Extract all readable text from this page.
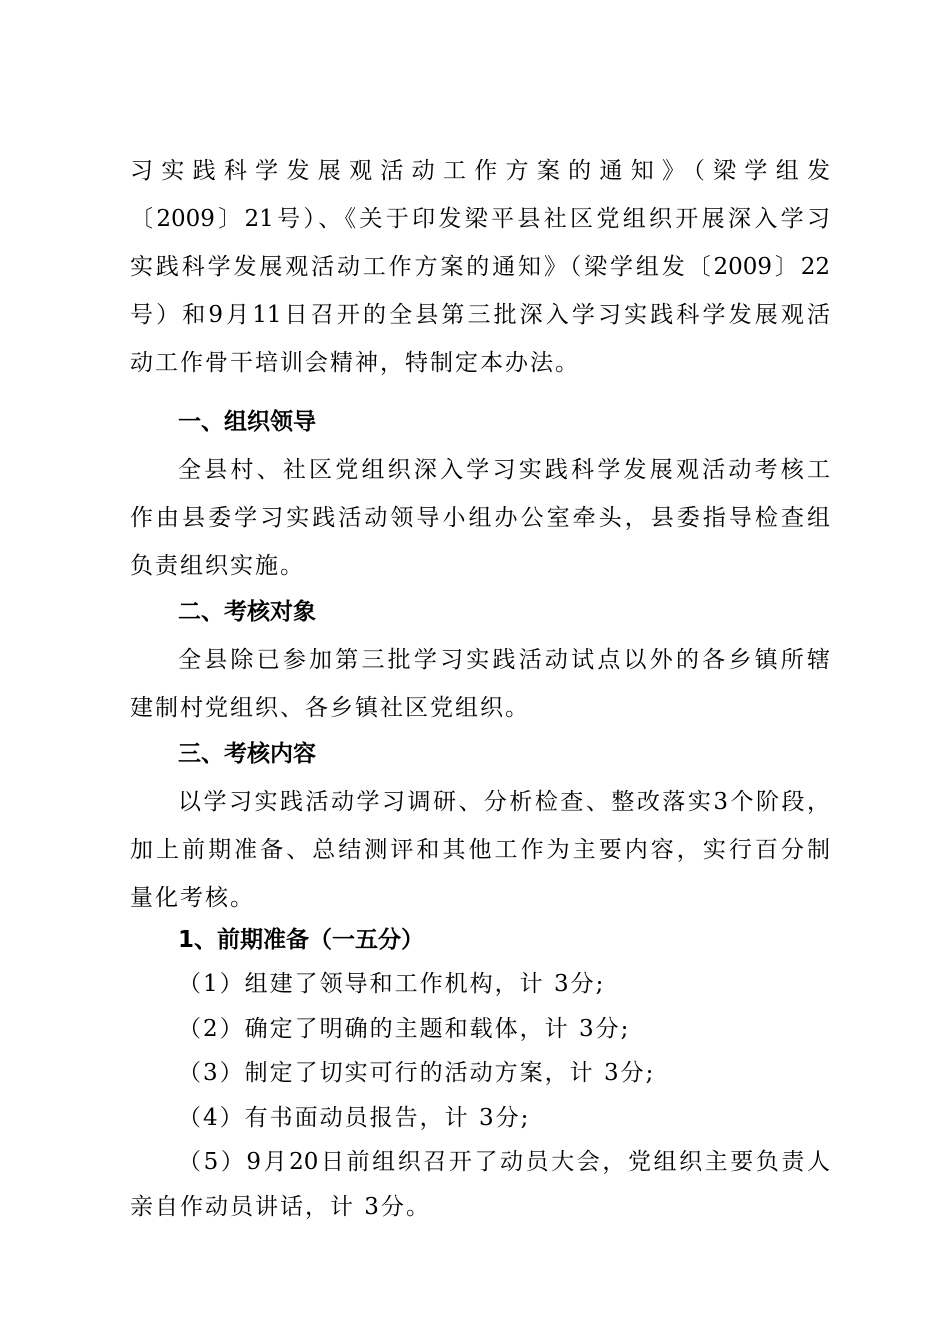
习实践科学发展观活动工作方案的通知》（梁学组发
〔2009〕21号）、《关于印发梁平县社区党组织开展深入学习
实践科学发展观活动工作方案的通知》（梁学组发〔2009〕22
号）和9月11日召开的全县第三批深入学习实践科学发展观活
动工作骨干培训会精神，特制定本办法。
一、组织领导
全县村、社区党组织深入学习实践科学发展观活动考核工
作由县委学习实践活动领导小组办公室牵头，县委指导检查组
负责组织实施。
二、考核对象
全县除已参加第三批学习实践活动试点以外的各乡镇所辖
建制村党组织、各乡镇社区党组织。
三、考核内容
以学习实践活动学习调研、分析检查、整改落实3个阶段，
加上前期准备、总结测评和其他工作为主要内容，实行百分制
量化考核。
1、前期准备（一五分）
（1）组建了领导和工作机构，计 3分;
（2）确定了明确的主题和载体，计 3分;
（3）制定了切实可行的活动方案，计 3分;
（4）有书面动员报告，计 3分;
（5）9月20日前组织召开了动员大会，党组织主要负责人
亲自作动员讲话，计 3分。
